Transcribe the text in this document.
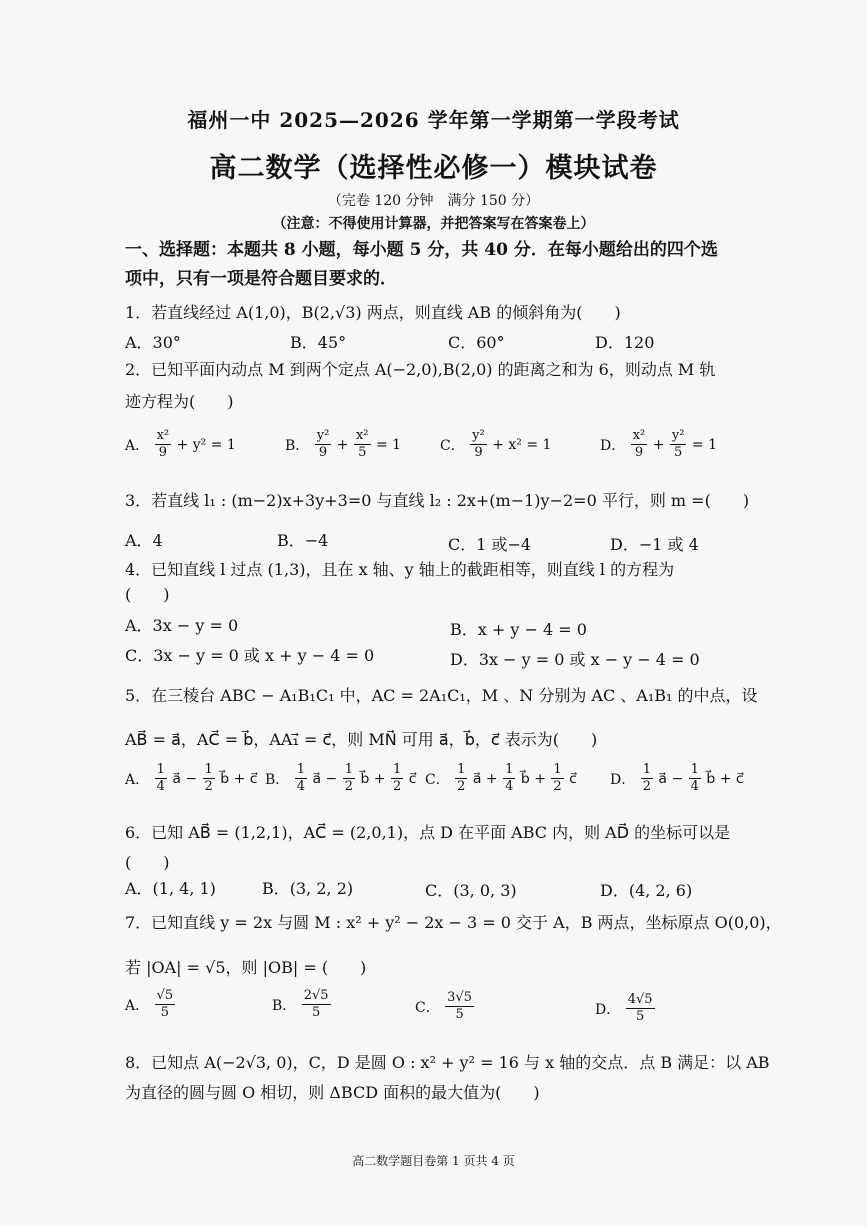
福州一中 2025—2026 学年第一学期第一学段考试
高二数学（选择性必修一）模块试卷
（完卷 120 分钟　满分 150 分）
（注意：不得使用计算器，并把答案写在答案卷上）
一、选择题：本题共 8 小题，每小题 5 分，共 40 分．在每小题给出的四个选
项中，只有一项是符合题目要求的．
1．若直线经过 A(1,0)，B(2,√3) 两点，则直线 AB 的倾斜角为(　　)
A．30°	B．45°	C．60°	D．120
2．已知平面内动点 M 到两个定点 A(−2,0),B(2,0) 的距离之和为 6，则动点 M 轨
迹方程为(　　)
A． $\frac{\text{x²}}{9} + y^2 = 1$	B． $\frac{\text{y²}}{9} + \frac{\text{x²}}{5} = 1$	C． $\frac{\text{y²}}{9} + x^2 = 1$	D． $\frac{\text{x²}}{9} + \frac{\text{y²}}{5} = 1$
3．若直线 l₁ : (m−2)x+3y+3=0 与直线 l₂ : 2x+(m−1)y−2=0 平行，则 m =(　　)
A．4	B．−4	C．1 或−4	D．−1 或 4
4．已知直线 l 过点 (1,3)，且在 x 轴、y 轴上的截距相等，则直线 l 的方程为
(　　)
A．3x − y = 0	B．x + y − 4 = 0
C．3x − y = 0 或 x + y − 4 = 0	D．3x − y = 0 或 x − y − 4 = 0
5．在三棱台 ABC − A₁B₁C₁ 中，AC = 2A₁C₁，M 、N 分别为 AC 、A₁B₁ 的中点，设
AB⃗ = a⃗，AC⃗ = b⃗，AA₁⃗ = c⃗，则 MN⃗ 可用 a⃗，b⃗，c⃗ 表示为(　　)
A． $\frac{1}{4}$ a⃗ − $\frac{1}{2}$ b⃗ + c⃗ B． $\frac{1}{4}$ a⃗ − $\frac{1}{2}$ b⃗ + $\frac{1}{2}$ c⃗ C． $\frac{1}{2}$ a⃗ + $\frac{1}{4}$ b⃗ + $\frac{1}{2}$ c⃗ D． $\frac{1}{2}$ a⃗ − $\frac{1}{4}$ b⃗ + c⃗
6．已知 AB⃗ = (1,2,1)，AC⃗ = (2,0,1)，点 D 在平面 ABC 内，则 AD⃗ 的坐标可以是
(　　)
A．(1, 4, 1)	B．(3, 2, 2)	C．(3, 0, 3)	D．(4, 2, 6)
7．已知直线 y = 2x 与圆 M : x² + y² − 2x − 3 = 0 交于 A，B 两点，坐标原点 O(0,0)，
若 |OA| = √5，则 |OB| = (　　)
A． $\frac{√5}{5}$	B． $\frac{2√5}{5}$	C． $\frac{3√5}{5}$	D． $\frac{4√5}{5}$
8．已知点 A(−2√3, 0)，C，D 是圆 O : x² + y² = 16 与 x 轴的交点．点 B 满足：以 AB
为直径的圆与圆 O 相切，则 ΔBCD 面积的最大值为(　　)
高二数学题目卷第 1 页共 4 页
